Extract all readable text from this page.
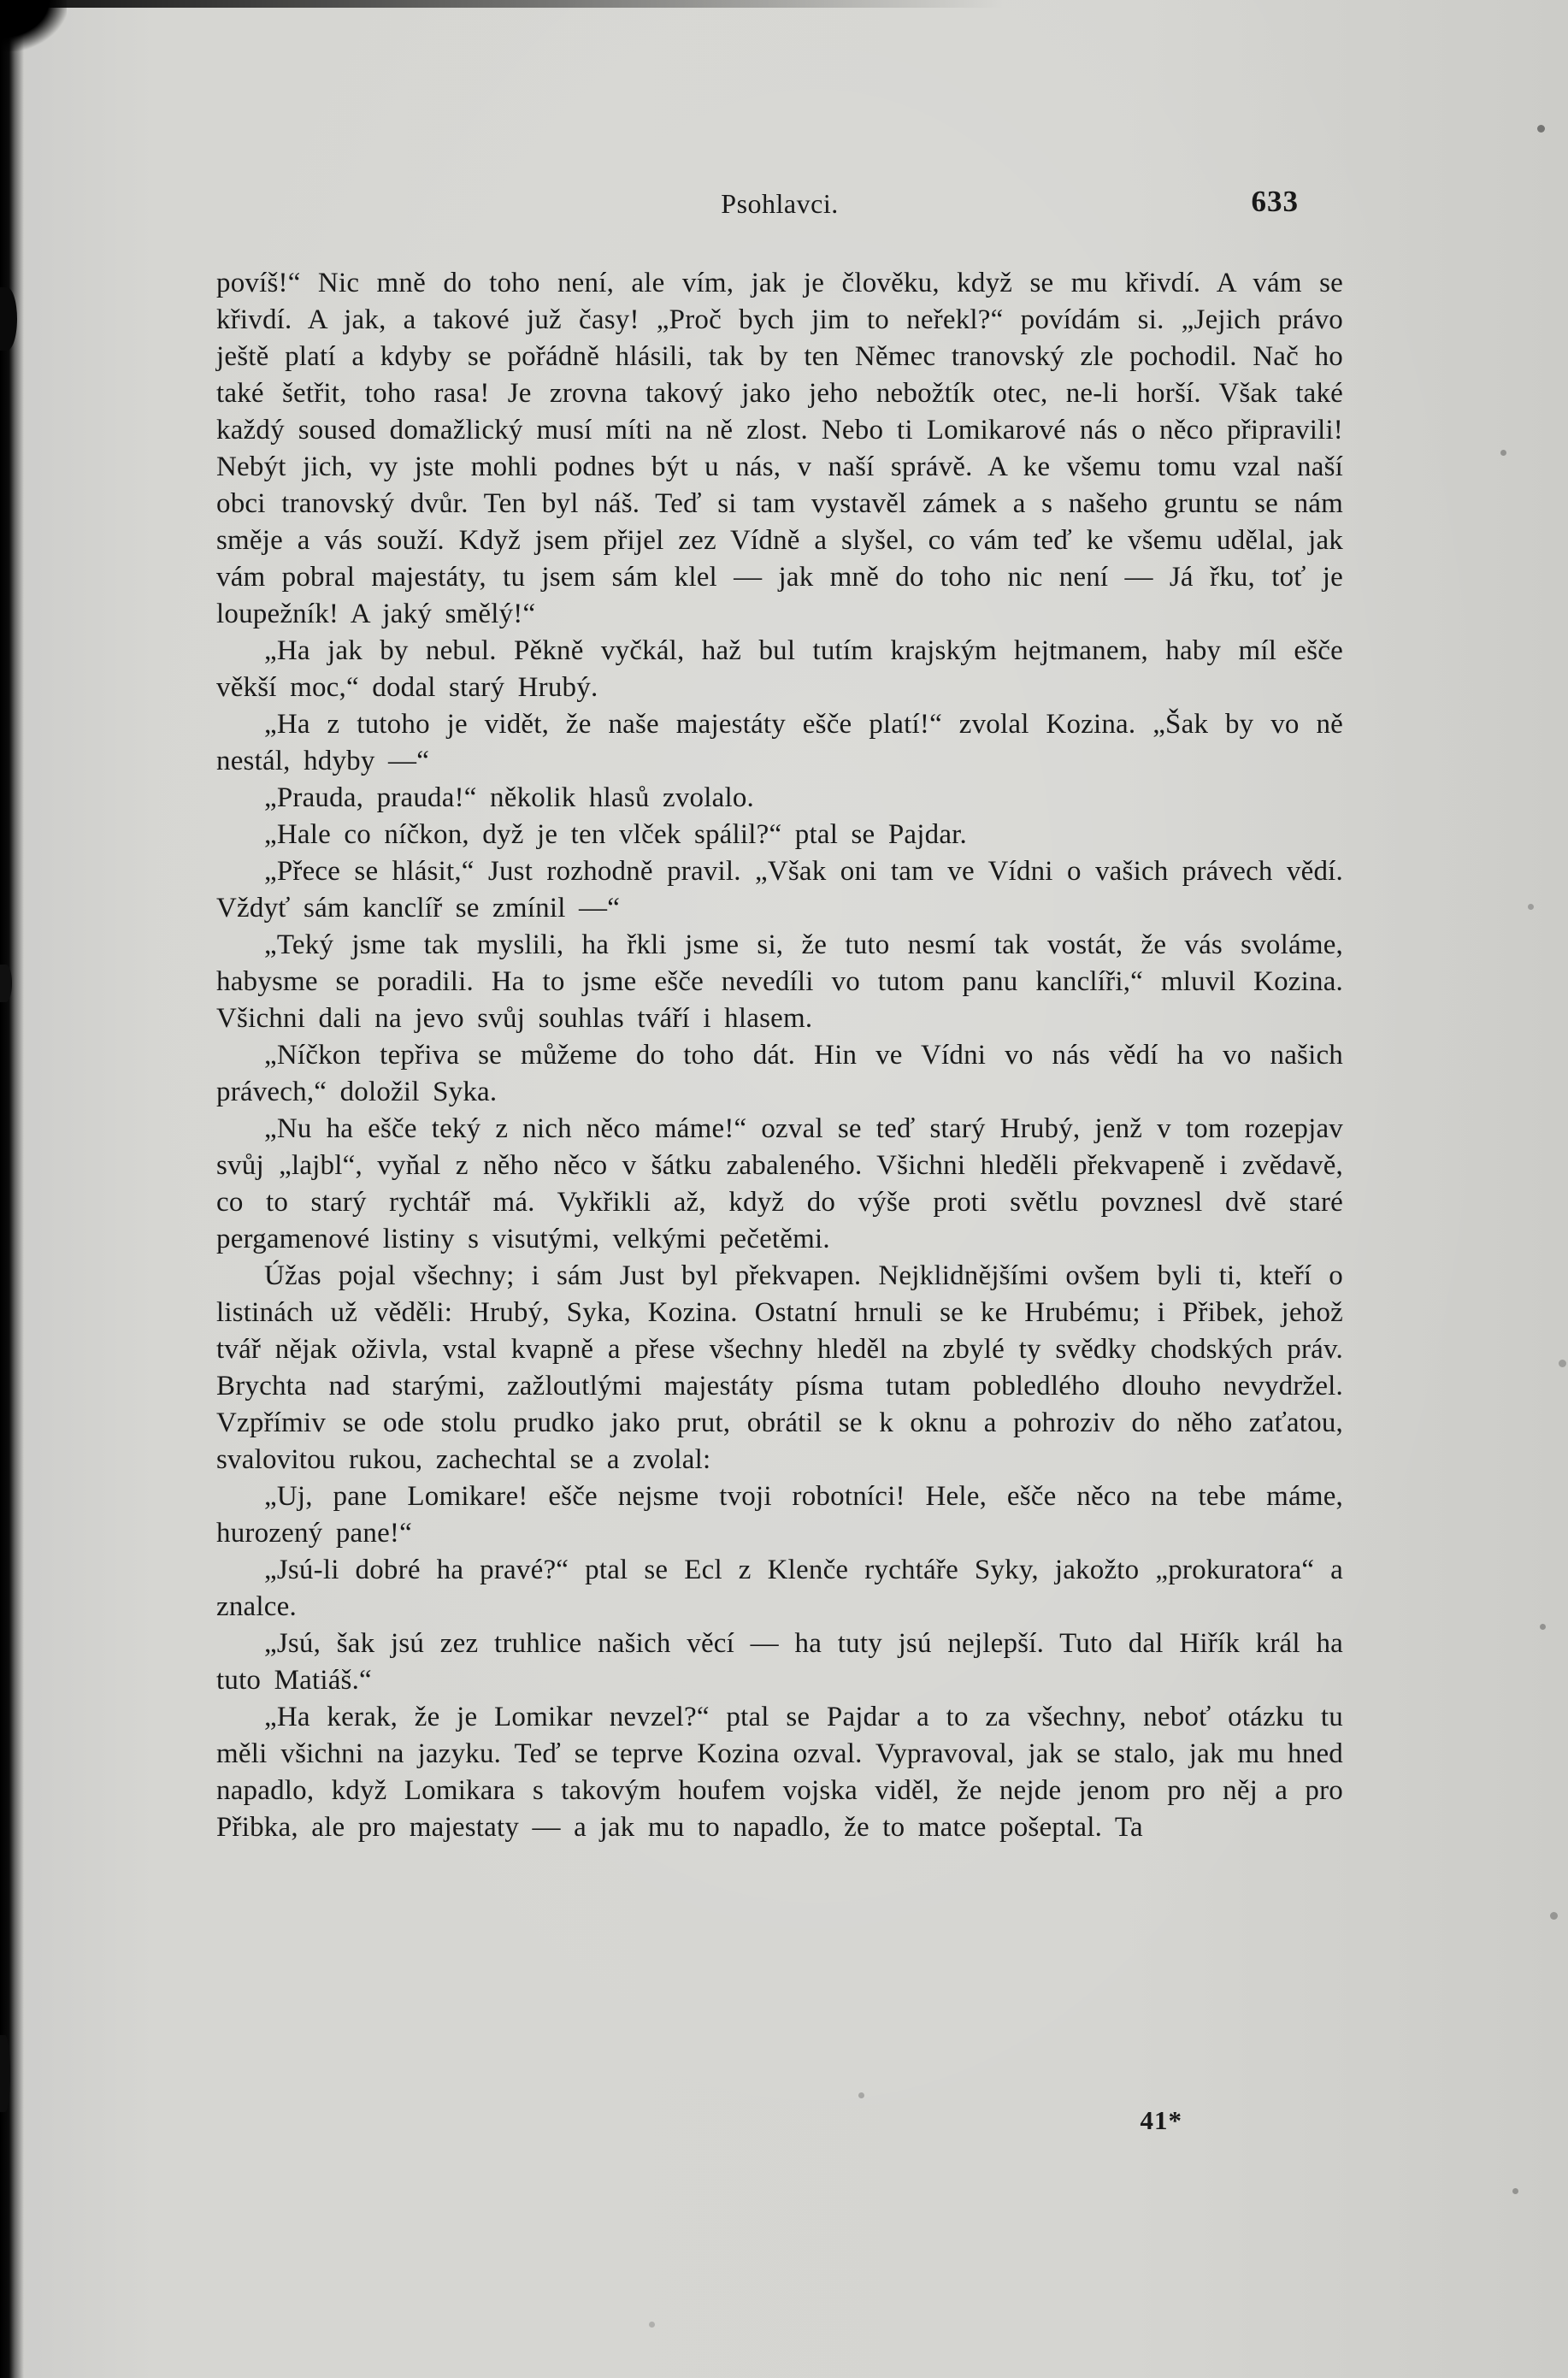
Psohlavci.	633

povíš!“ Nic mně do toho není, ale vím, jak je člověku, když se mu křivdí. A vám se křivdí. A jak, a takové juž časy! „Proč bych jim to neřekl?“ povídám si. „Jejich právo ještě platí a kdyby se pořádně hlásili, tak by ten Němec tranovský zle pochodil. Nač ho také šetřit, toho rasa! Je zrovna takový jako jeho nebožtík otec, ne-li horší. Však také každý soused domažlický musí míti na ně zlost. Nebo ti Lomikarové nás o něco připravili! Nebýt jich, vy jste mohli podnes být u nás, v naší správě. A ke všemu tomu vzal naší obci tranovský dvůr. Ten byl náš. Teď si tam vystavěl zámek a s našeho gruntu se nám směje a vás souží. Když jsem přijel zez Vídně a slyšel, co vám teď ke všemu udělal, jak vám pobral majestáty, tu jsem sám klel — jak mně do toho nic není — Já řku, toť je loupežník! A jaký smělý!“

„Ha jak by nebul. Pěkně vyčkál, haž bul tutím krajským hejtmanem, haby míl ešče věkší moc,“ dodal starý Hrubý.

„Ha z tutoho je vidět, že naše majestáty ešče platí!“ zvolal Kozina. „Šak by vo ně nestál, hdyby —“

„Prauda, prauda!“ několik hlasů zvolalo.

„Hale co níčkon, dyž je ten vlček spálil?“ ptal se Pajdar.

„Přece se hlásit,“ Just rozhodně pravil. „Však oni tam ve Vídni o vašich právech vědí. Vždyť sám kanclíř se zmínil —“

„Teký jsme tak myslili, ha řkli jsme si, že tuto nesmí tak vostát, že vás svoláme, habysme se poradili. Ha to jsme ešče nevedíli vo tutom panu kanclíři,“ mluvil Kozina. Všichni dali na jevo svůj souhlas tváří i hlasem.

„Níčkon tepřiva se můžeme do toho dát. Hin ve Vídni vo nás vědí ha vo našich právech,“ doložil Syka.

„Nu ha ešče teký z nich něco máme!“ ozval se teď starý Hrubý, jenž v tom rozepjav svůj „lajbl“, vyňal z něho něco v šátku zabaleného. Všichni hleděli překvapeně i zvědavě, co to starý rychtář má. Vykřikli až, když do výše proti světlu povznesl dvě staré pergamenové listiny s visutými, velkými pečetěmi.

Úžas pojal všechny; i sám Just byl překvapen. Nejklidnějšími ovšem byli ti, kteří o listinách už věděli: Hrubý, Syka, Kozina. Ostatní hrnuli se ke Hrubému; i Přibek, jehož tvář nějak oživla, vstal kvapně a přese všechny hleděl na zbylé ty svědky chodských práv. Brychta nad starými, zažloutlými majestáty písma tutam pobledlého dlouho nevydržel. Vzpřímiv se ode stolu prudko jako prut, obrátil se k oknu a pohroziv do něho zaťatou, svalovitou rukou, zachechtal se a zvolal:

„Uj, pane Lomikare! ešče nejsme tvoji robotníci! Hele, ešče něco na tebe máme, hurozený pane!“

„Jsú-li dobré ha pravé?“ ptal se Ecl z Klenče rychtáře Syky, jakožto „prokuratora“ a znalce.

„Jsú, šak jsú zez truhlice našich věcí — ha tuty jsú nejlepší. Tuto dal Hiřík král ha tuto Matiáš.“

„Ha kerak, že je Lomikar nevzel?“ ptal se Pajdar a to za všechny, neboť otázku tu měli všichni na jazyku. Teď se teprve Kozina ozval. Vypravoval, jak se stalo, jak mu hned napadlo, když Lomikara s takovým houfem vojska viděl, že nejde jenom pro něj a pro Přibka, ale pro majestaty — a jak mu to napadlo, že to matce pošeptal. Ta

41*
